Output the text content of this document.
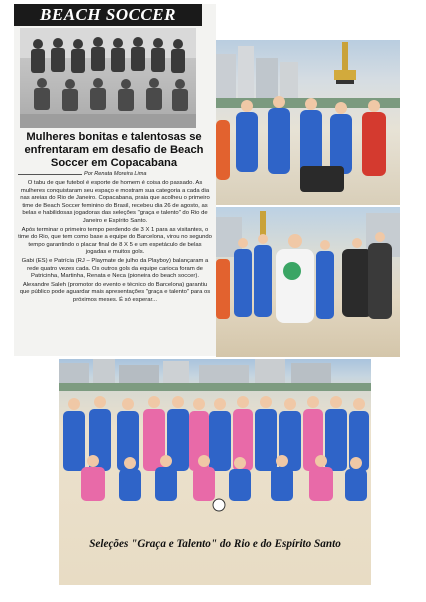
BEACH SOCCER
Mulheres bonitas e talentosas se enfrentaram em desafio de Beach Soccer em Copacabana
Por Renata Moreira Lima

O tabu de que futebol é esporte de homem é coisa do passado. As mulheres conquistaram seu espaço e mostram sua categoria a cada dia nas areias do Rio de Janeiro. Copacabana, praia que acolheu o primeiro time de Beach Soccer feminino do Brasil, recebeu dia 26 de agosto, as belas e habilidosas jogadoras das seleções "graça e talento" do Rio de Janeiro e Espírito Santo.

Após terminar o primeiro tempo perdendo de 3 X 1 para as visitantes, o time do Rio, que tem como base a equipe do Barcelona, virou no segundo tempo garantindo o placar final de 8 X 5 e um espetáculo de belas jogadas e muitos gols.

Gabi (ES) e Patrícia (RJ – Playmate de julho da Playboy) balançaram a rede quatro vezes cada. Os outros gols da equipe carioca foram de Patricinha, Martinha, Renata e Neca (pioneira do beach soccer).

Alexandre Saleh (promotor do evento e técnico do Barcelona) garantiu que público pode aguardar mais apresentações "graça e talento" para os próximos meses. É só esperar...

Seleções "Graça e Talento" do Rio e do Espírito Santo
